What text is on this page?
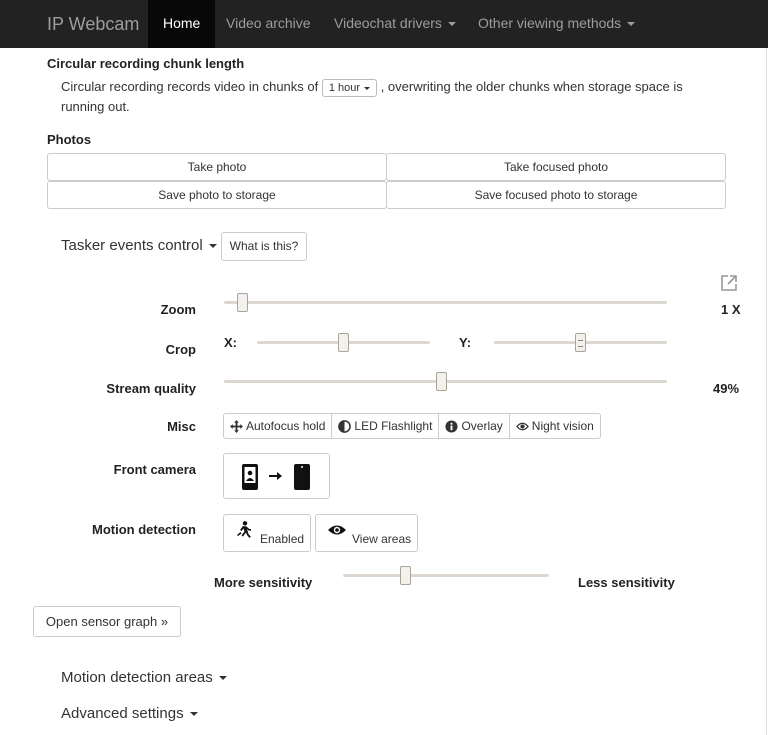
IP Webcam	Home	Video archive Videochat drivers	Other viewing methods
Circular recording chunk length
Circular recording records video in chunks of 1 hour , overwriting the older chunks when storage space is
running out.
Photos
Take photo	Take focused photo
Save photo to storage	Save focused photo to storage
Tasker events control	What is this?
Zoom	1 X
Crop X:	Y:
Stream quality	49%
Misc	Autofocus hold LED Flashlight Overlay Night vision
Front camera
Motion detection
Enabled	View areas
More sensitivity	Less sensitivity
Open sensor graph »
Motion detection areas
Advanced settings
